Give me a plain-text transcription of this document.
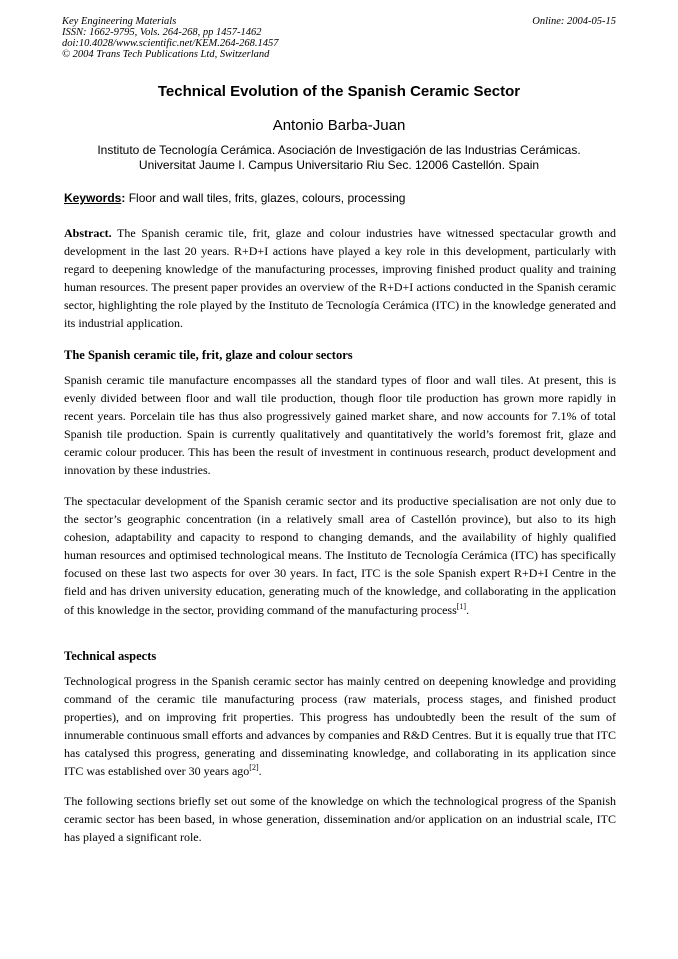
Key Engineering Materials
ISSN: 1662-9795, Vols. 264-268, pp 1457-1462
doi:10.4028/www.scientific.net/KEM.264-268.1457
© 2004 Trans Tech Publications Ltd, Switzerland
Online: 2004-05-15
Technical Evolution of the Spanish Ceramic Sector
Antonio Barba-Juan
Instituto de Tecnología Cerámica. Asociación de Investigación de las Industrias Cerámicas.
Universitat Jaume I. Campus Universitario Riu Sec. 12006 Castellón. Spain
Keywords: Floor and wall tiles, frits, glazes, colours, processing
Abstract. The Spanish ceramic tile, frit, glaze and colour industries have witnessed spectacular growth and development in the last 20 years. R+D+I actions have played a key role in this development, particularly with regard to deepening knowledge of the manufacturing processes, improving finished product quality and training human resources. The present paper provides an overview of the R+D+I actions conducted in the Spanish ceramic sector, highlighting the role played by the Instituto de Tecnología Cerámica (ITC) in the knowledge generated and its industrial application.
The Spanish ceramic tile, frit, glaze and colour sectors
Spanish ceramic tile manufacture encompasses all the standard types of floor and wall tiles. At present, this is evenly divided between floor and wall tile production, though floor tile production has grown more rapidly in recent years. Porcelain tile has thus also progressively gained market share, and now accounts for 7.1% of total Spanish tile production. Spain is currently qualitatively and quantitatively the world’s foremost frit, glaze and ceramic colour producer. This has been the result of investment in continuous research, product development and innovation by these industries.
The spectacular development of the Spanish ceramic sector and its productive specialisation are not only due to the sector’s geographic concentration (in a relatively small area of Castellón province), but also to its high cohesion, adaptability and capacity to respond to changing demands, and the availability of highly qualified human resources and optimised technological means. The Instituto de Tecnología Cerámica (ITC) has specifically focused on these last two aspects for over 30 years. In fact, ITC is the sole Spanish expert R+D+I Centre in the field and has driven university education, generating much of the knowledge, and collaborating in the application of this knowledge in the sector, providing command of the manufacturing process[1].
Technical aspects
Technological progress in the Spanish ceramic sector has mainly centred on deepening knowledge and providing command of the ceramic tile manufacturing process (raw materials, process stages, and finished product properties), and on improving frit properties. This progress has undoubtedly been the result of the sum of innumerable continuous small efforts and advances by companies and R&D Centres. But it is equally true that ITC has catalysed this progress, generating and disseminating knowledge, and collaborating in its application since ITC was established over 30 years ago[2].
The following sections briefly set out some of the knowledge on which the technological progress of the Spanish ceramic sector has been based, in whose generation, dissemination and/or application on an industrial scale, ITC has played a significant role.
